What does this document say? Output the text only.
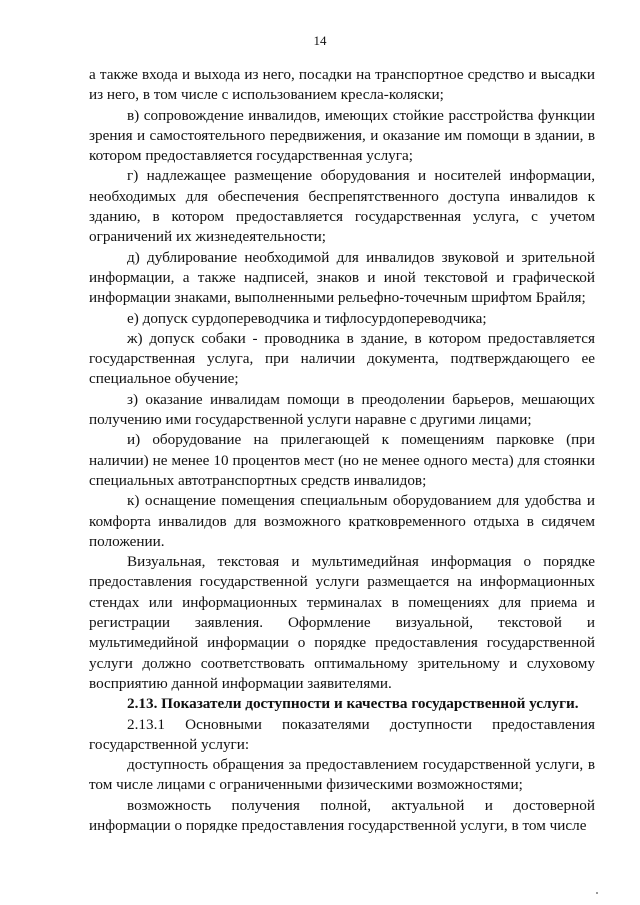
14

а также входа и выхода из него, посадки на транспортное средство и высадки из него, в том числе с использованием кресла-коляски;

в) сопровождение инвалидов, имеющих стойкие расстройства функции зрения и самостоятельного передвижения, и оказание им помощи в здании, в котором предоставляется государственная услуга;

г) надлежащее размещение оборудования и носителей информации, необходимых для обеспечения беспрепятственного доступа инвалидов к зданию, в котором предоставляется государственная услуга, с учетом ограничений их жизнедеятельности;

д) дублирование необходимой для инвалидов звуковой и зрительной информации, а также надписей, знаков и иной текстовой и графической информации знаками, выполненными рельефно-точечным шрифтом Брайля;

е) допуск сурдопереводчика и тифлосурдопереводчика;

ж) допуск собаки - проводника в здание, в котором предоставляется государственная услуга, при наличии документа, подтверждающего ее специальное обучение;

з) оказание инвалидам помощи в преодолении барьеров, мешающих получению ими государственной услуги наравне с другими лицами;

и) оборудование на прилегающей к помещениям парковке (при наличии) не менее 10 процентов мест (но не менее одного места) для стоянки специальных автотранспортных средств инвалидов;

к) оснащение помещения специальным оборудованием для удобства и комфорта инвалидов для возможного кратковременного отдыха в сидячем положении.

Визуальная, текстовая и мультимедийная информация о порядке предоставления государственной услуги размещается на информационных стендах или информационных терминалах в помещениях для приема и регистрации заявления. Оформление визуальной, текстовой и мультимедийной информации о порядке предоставления государственной услуги должно соответствовать оптимальному зрительному и слуховому восприятию данной информации заявителями.

2.13. Показатели доступности и качества государственной услуги.

2.13.1 Основными показателями доступности предоставления государственной услуги:

доступность обращения за предоставлением государственной услуги, в том числе лицами с ограниченными физическими возможностями;

возможность получения полной, актуальной и достоверной информации о порядке предоставления государственной услуги, в том числе
